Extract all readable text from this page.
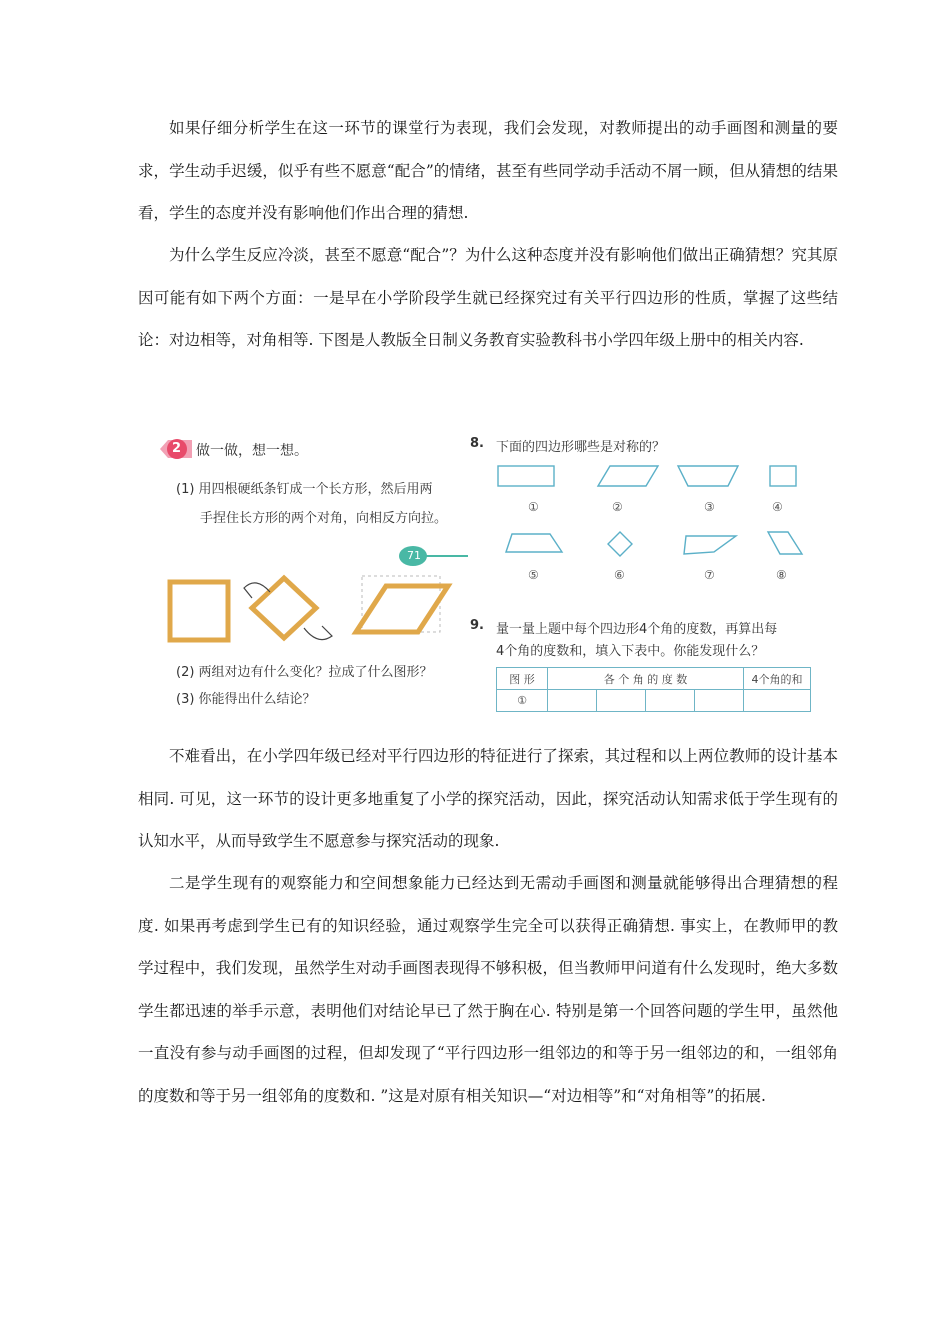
如果仔细分析学生在这一环节的课堂行为表现，我们会发现，对教师提出的动手画图和测量的要求，学生动手迟缓，似乎有些不愿意“配合”的情绪，甚至有些同学动手活动不屑一顾，但从猜想的结果看，学生的态度并没有影响他们作出合理的猜想.

为什么学生反应冷淡，甚至不愿意“配合”？为什么这种态度并没有影响他们做出正确猜想？究其原因可能有如下两个方面：一是早在小学阶段学生就已经探究过有关平行四边形的性质，掌握了这些结论：对边相等，对角相等. 下图是人教版全日制义务教育实验教科书小学四年级上册中的相关内容.

2 做一做，想一想。
(1) 用四根硬纸条钉成一个长方形，然后用两
手捏住长方形的两个对角，向相反方向拉。
71
(2) 两组对边有什么变化？拉成了什么图形？
(3) 你能得出什么结论？
8. 下面的四边形哪些是对称的？
①	②	③	④
⑤	⑥	⑦	⑧
9. 量一量上题中每个四边形4个角的度数，再算出每
4个角的度数和，填入下表中。你能发现什么？
图 形	各 个 角 的 度 数				4个角的和
①					

不难看出，在小学四年级已经对平行四边形的特征进行了探索，其过程和以上两位教师的设计基本相同. 可见，这一环节的设计更多地重复了小学的探究活动，因此，探究活动认知需求低于学生现有的认知水平，从而导致学生不愿意参与探究活动的现象.

二是学生现有的观察能力和空间想象能力已经达到无需动手画图和测量就能够得出合理猜想的程度. 如果再考虑到学生已有的知识经验，通过观察学生完全可以获得正确猜想. 事实上，在教师甲的教学过程中，我们发现，虽然学生对动手画图表现得不够积极，但当教师甲问道有什么发现时，绝大多数学生都迅速的举手示意，表明他们对结论早已了然于胸在心. 特别是第一个回答问题的学生甲，虽然他一直没有参与动手画图的过程，但却发现了“平行四边形一组邻边的和等于另一组邻边的和，一组邻角的度数和等于另一组邻角的度数和. ”这是对原有相关知识—“对边相等”和“对角相等”的拓展.
